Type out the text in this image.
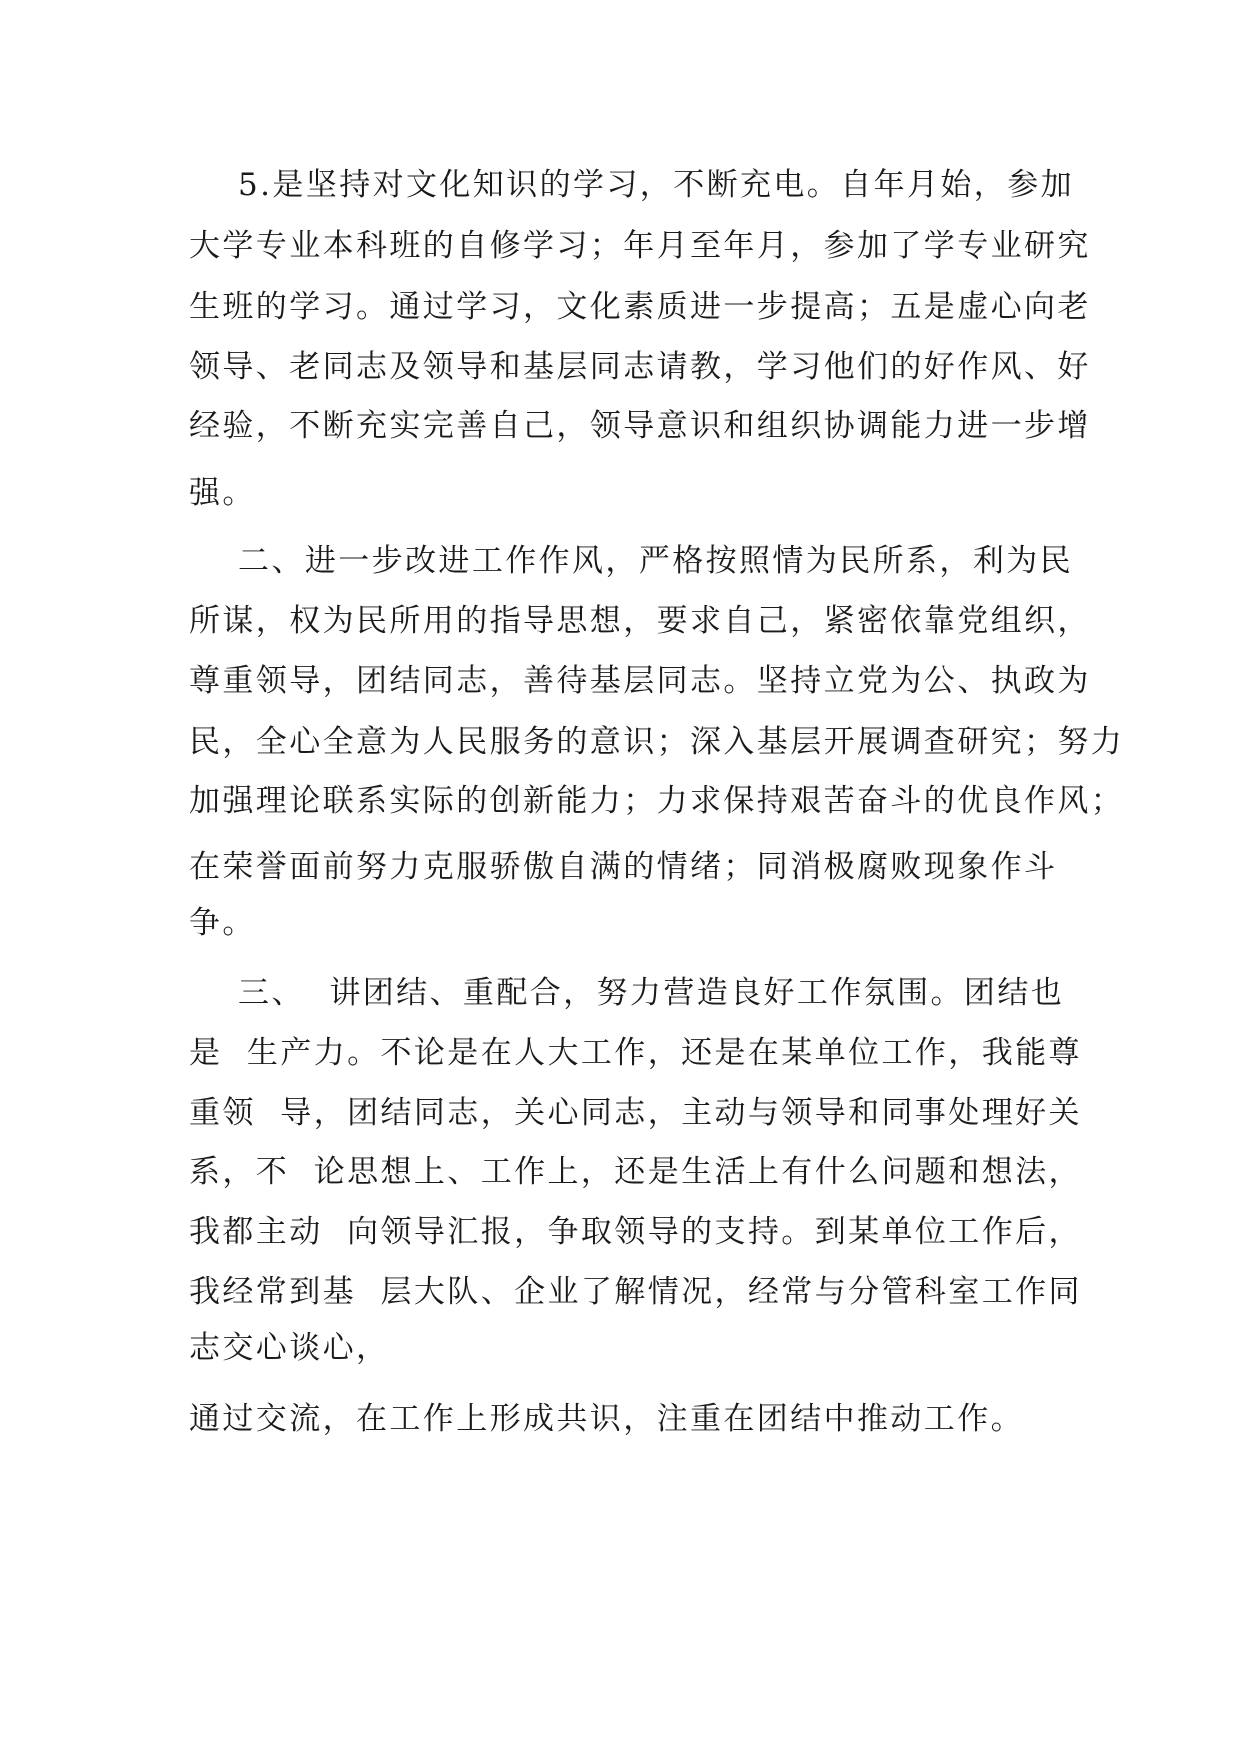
5.是坚持对文化知识的学习，不断充电。自年月始，参加
大学专业本科班的自修学习；年月至年月，参加了学专业研究
生班的学习。通过学习，文化素质进一步提高；五是虚心向老
领导、老同志及领导和基层同志请教，学习他们的好作风、好
经验，不断充实完善自己，领导意识和组织协调能力进一步增
强。
二、进一步改进工作作风，严格按照情为民所系，利为民
所谋，权为民所用的指导思想，要求自己，紧密依靠党组织，
尊重领导，团结同志，善待基层同志。坚持立党为公、执政为
民，全心全意为人民服务的意识；深入基层开展调查研究；努力
加强理论联系实际的创新能力；力求保持艰苦奋斗的优良作风；
在荣誉面前努力克服骄傲自满的情绪；同消极腐败现象作斗
争。
三、  讲团结、重配合，努力营造良好工作氛围。团结也
是  生产力。不论是在人大工作，还是在某单位工作，我能尊
重领  导，团结同志，关心同志，主动与领导和同事处理好关
系，不  论思想上、工作上，还是生活上有什么问题和想法，
我都主动  向领导汇报，争取领导的支持。到某单位工作后，
我经常到基  层大队、企业了解情况，经常与分管科室工作同
志交心谈心，
通过交流，在工作上形成共识，注重在团结中推动工作。
